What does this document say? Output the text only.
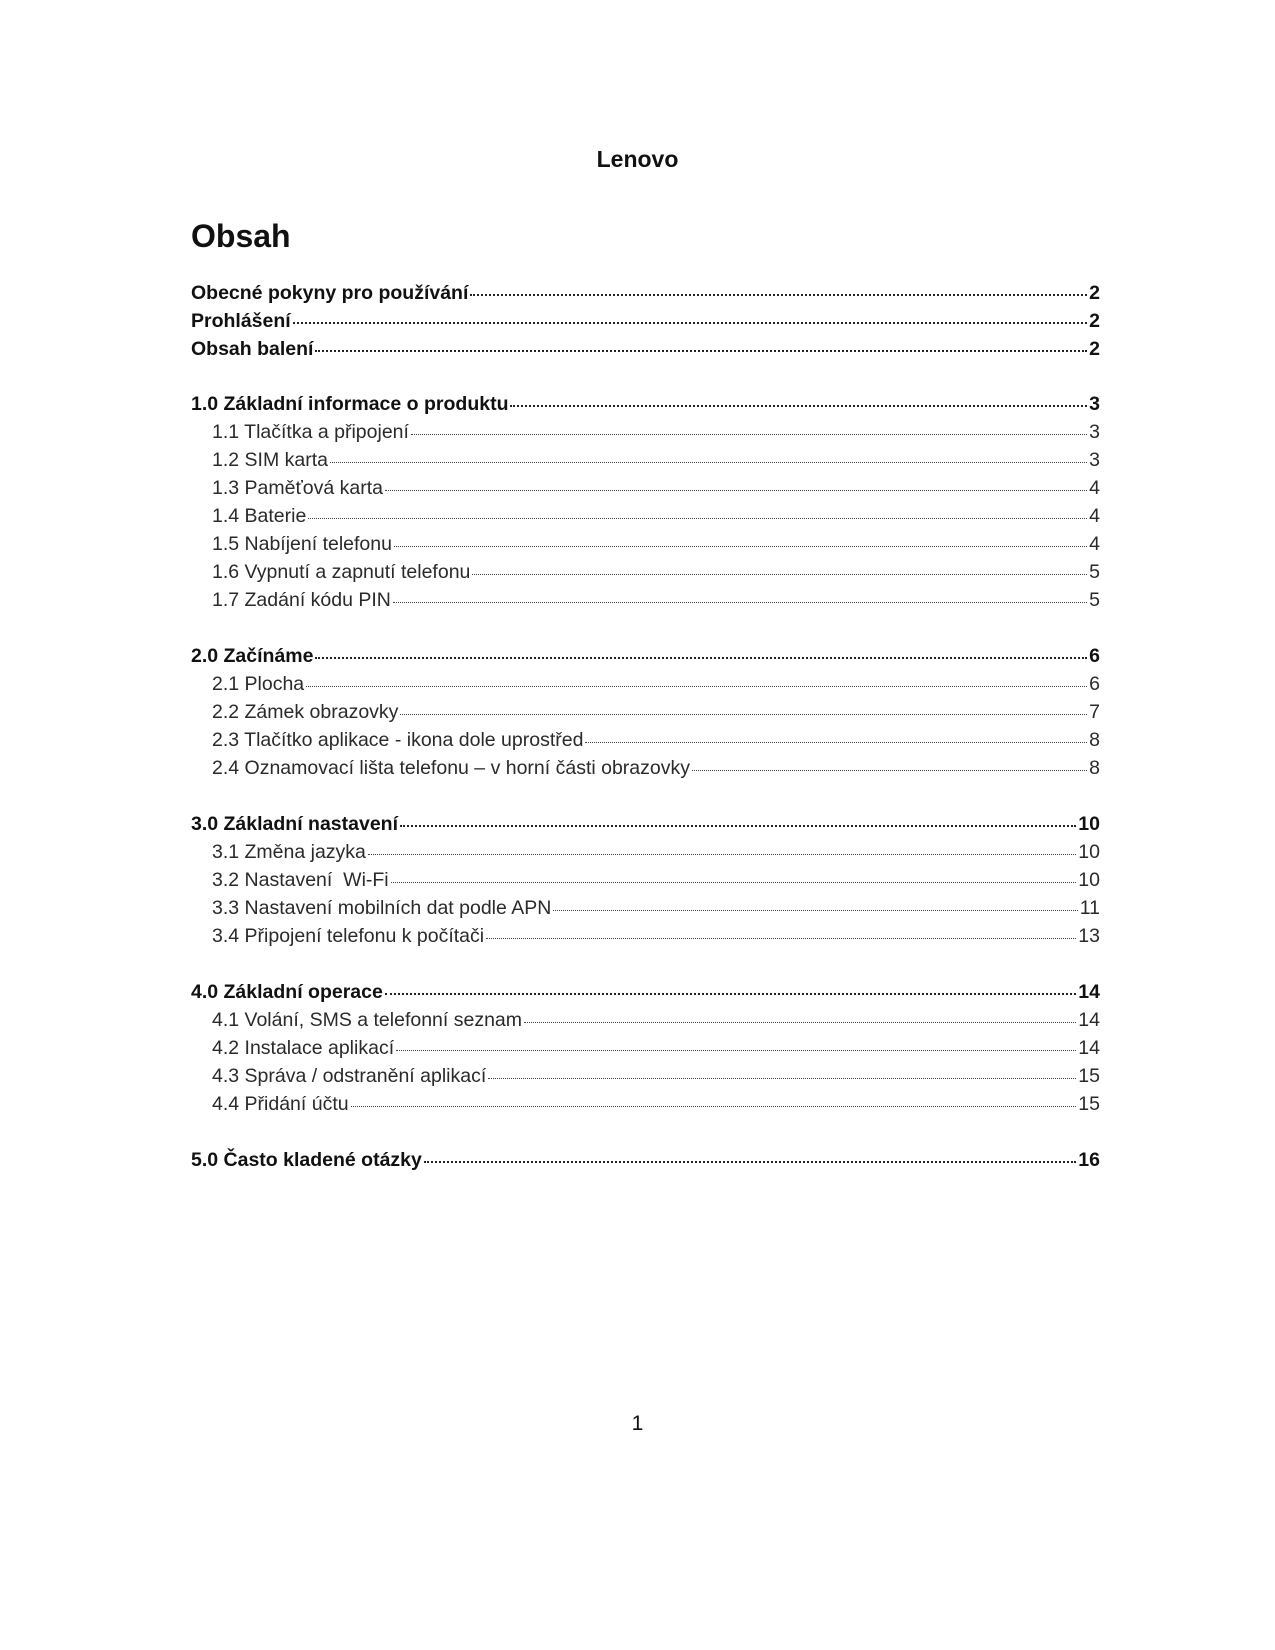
Lenovo
Obsah
Obecné pokyny pro používání	2
Prohlášení	2
Obsah balení	2
1.0 Základní informace o produktu	3
1.1 Tlačítka a připojení	3
1.2 SIM karta	3
1.3 Paměťová karta	4
1.4 Baterie	4
1.5 Nabíjení telefonu	4
1.6 Vypnutí a zapnutí telefonu	5
1.7 Zadání kódu PIN	5
2.0 Začínáme	6
2.1 Plocha	6
2.2 Zámek obrazovky	7
2.3 Tlačítko aplikace - ikona dole uprostřed	8
2.4 Oznamovací lišta telefonu – v horní části obrazovky	8
3.0 Základní nastavení	10
3.1 Změna jazyka	10
3.2 Nastavení  Wi-Fi	10
3.3 Nastavení mobilních dat podle APN	11
3.4 Připojení telefonu k počítači	13
4.0 Základní operace	14
4.1 Volání, SMS a telefonní seznam	14
4.2 Instalace aplikací	14
4.3 Správa / odstranění aplikací	15
4.4 Přidání účtu	15
5.0 Často kladené otázky	16
1
